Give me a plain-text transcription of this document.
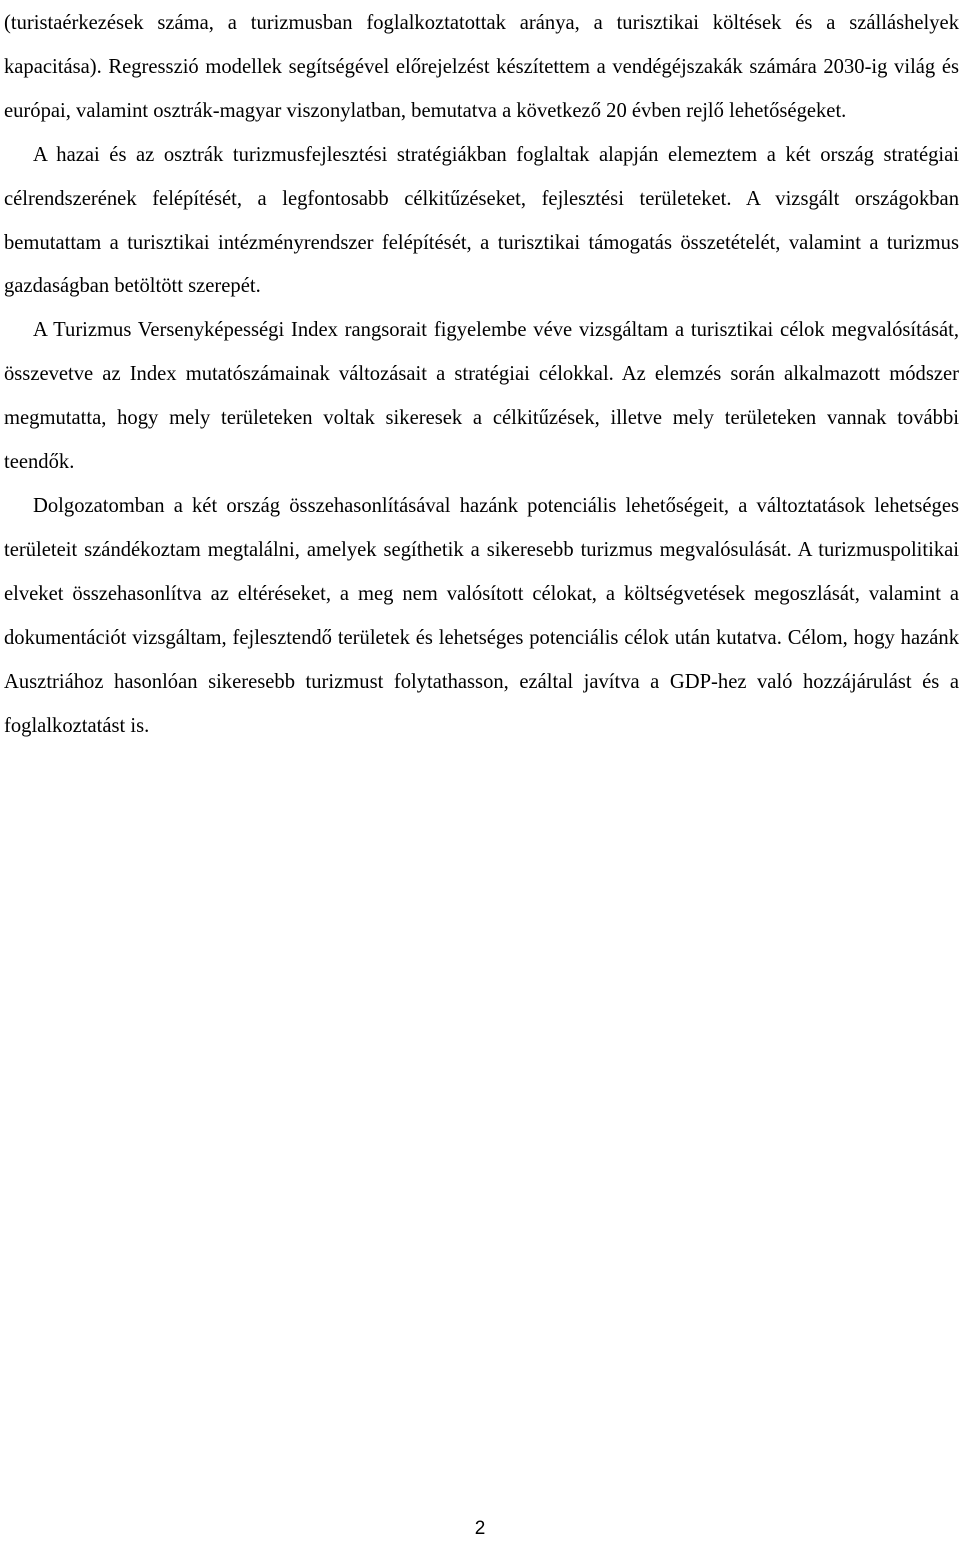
(turistaérkezések száma, a turizmusban foglalkoztatottak aránya, a turisztikai költések és a szálláshelyek kapacitása). Regresszió modellek segítségével előrejelzést készítettem a vendégéjszakák számára 2030-ig világ és európai, valamint osztrák-magyar viszonylatban, bemutatva a következő 20 évben rejlő lehetőségeket.

A hazai és az osztrák turizmusfejlesztési stratégiákban foglaltak alapján elemeztem a két ország stratégiai célrendszerének felépítését, a legfontosabb célkitűzéseket, fejlesztési területeket. A vizsgált országokban bemutattam a turisztikai intézményrendszer felépítését, a turisztikai támogatás összetételét, valamint a turizmus gazdaságban betöltött szerepét.

A Turizmus Versenyképességi Index rangsorait figyelembe véve vizsgáltam a turisztikai célok megvalósítását, összevetve az Index mutatószámainak változásait a stratégiai célokkal. Az elemzés során alkalmazott módszer megmutatta, hogy mely területeken voltak sikeresek a célkitűzések, illetve mely területeken vannak további teendők.

Dolgozatomban a két ország összehasonlításával hazánk potenciális lehetőségeit, a változtatások lehetséges területeit szándékoztam megtalálni, amelyek segíthetik a sikeresebb turizmus megvalósulását. A turizmuspolitikai elveket összehasonlítva az eltéréseket, a meg nem valósított célokat, a költségvetések megoszlását, valamint a dokumentációt vizsgáltam, fejlesztendő területek és lehetséges potenciális célok után kutatva. Célom, hogy hazánk Ausztriához hasonlóan sikeresebb turizmust folytathasson, ezáltal javítva a GDP-hez való hozzájárulást és a foglalkoztatást is.

2
